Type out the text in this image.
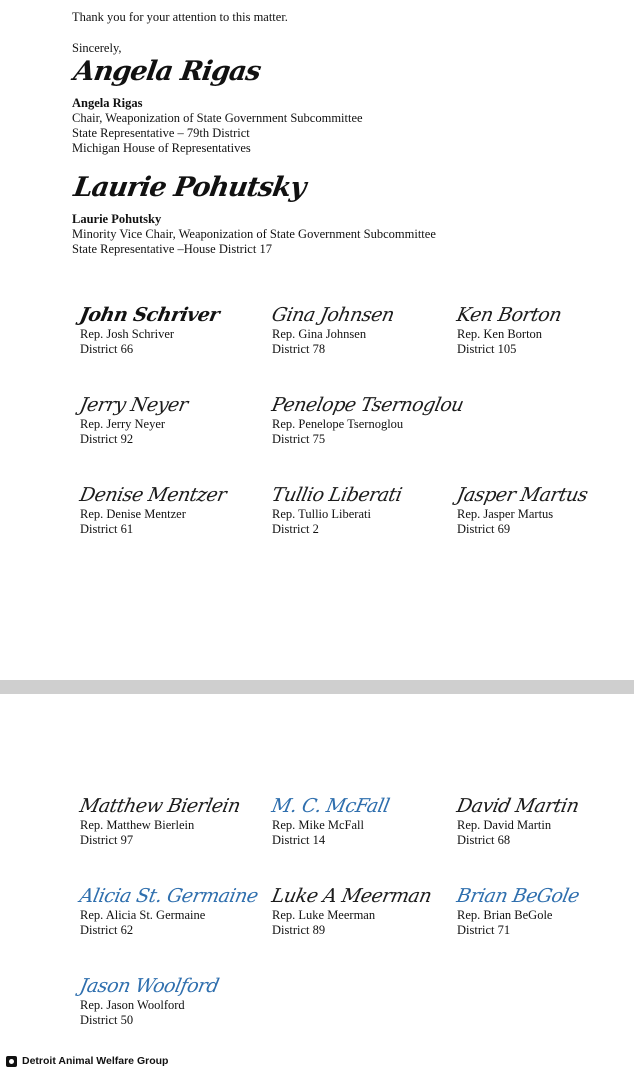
Thank you for your attention to this matter.
Sincerely,
Angela Rigas
Angela Rigas
Chair, Weaponization of State Government Subcommittee
State Representative – 79th District
Michigan House of Representatives
Laurie Pohutsky
Laurie Pohutsky
Minority Vice Chair, Weaponization of State Government Subcommittee
State Representative –House District 17
John Schriver
Rep. Josh Schriver
District 66
Gina Johnsen
Rep. Gina Johnsen
District 78
Ken Borton
Rep. Ken Borton
District 105
Jerry Neyer
Rep. Jerry Neyer
District 92
Penelope Tsernoglou
Rep. Penelope Tsernoglou
District 75
Denise Mentzer
Rep. Denise Mentzer
District 61
Tullio Liberati
Rep. Tullio Liberati
District 2
Jasper Martus
Rep. Jasper Martus
District 69
Matthew Bierlein
Rep. Matthew Bierlein
District 97
M. C. McFall
Rep. Mike McFall
District 14
David Martin
Rep. David Martin
District 68
Alicia St. Germaine
Rep. Alicia St. Germaine
District 62
Luke A Meerman
Rep. Luke Meerman
District 89
Brian BeGole
Rep. Brian BeGole
District 71
Jason Woolford
Rep. Jason Woolford
District 50
Detroit Animal Welfare Group
